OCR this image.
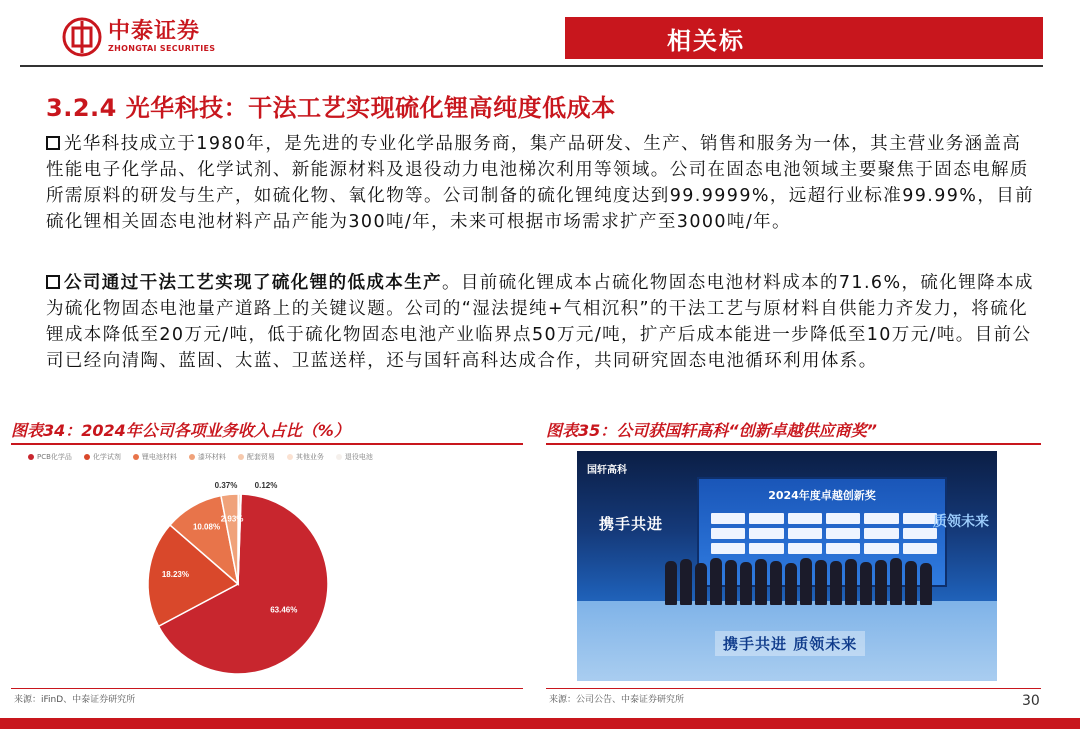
中泰证券
ZHONGTAI SECURITIES	相关标
3.2.4 光华科技：干法工艺实现硫化锂高纯度低成本
光华科技成立于1980年，是先进的专业化学品服务商，集产品研发、生产、销售和服务为一体，其主营业务涵盖高性能电子化学品、化学试剂、新能源材料及退役动力电池梯次利用等领域。公司在固态电池领域主要聚焦于固态电解质所需原料的研发与生产，如硫化物、氧化物等。公司制备的硫化锂纯度达到99.9999%，远超行业标准99.99%，目前硫化锂相关固态电池材料产品产能为300吨/年，未来可根据市场需求扩产至3000吨/年。
公司通过干法工艺实现了硫化锂的低成本生产。目前硫化锂成本占硫化物固态电池材料成本的71.6%，硫化锂降本成为硫化物固态电池量产道路上的关键议题。公司的“湿法提纯+气相沉积”的干法工艺与原材料自供能力齐发力，将硫化锂成本降低至20万元/吨，低于硫化物固态电池产业临界点50万元/吨，扩产后成本能进一步降低至10万元/吨。目前公司已经向清陶、蓝固、太蓝、卫蓝送样，还与国轩高科达成合作，共同研究固态电池循环利用体系。
图表34：2024年公司各项业务收入占比（%）
PCB化学品	化学试剂	锂电池材料	漆环材料	配套贸易	其他业务	退役电池
63.46%
18.23%
10.08%
2.93%
0.37% 0.12%
来源：iFinD、中泰证券研究所
图表35：公司获国轩高科“创新卓越供应商奖”
国轩高科
2024年度卓越创新奖
携手共进	质领未来
携手共进 质领未来
来源：公司公告、中泰证券研究所	30
